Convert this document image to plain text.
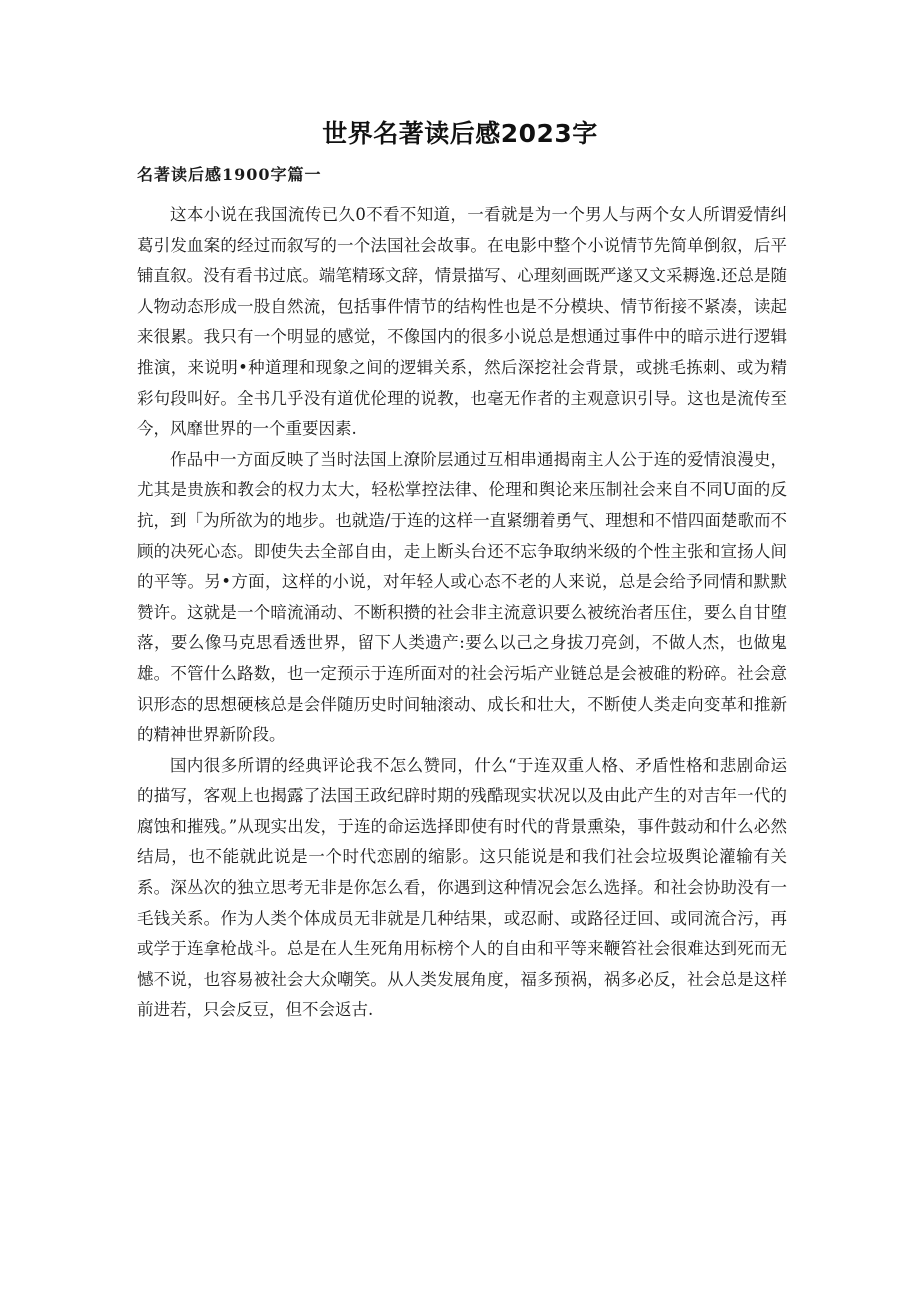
世界名著读后感2023字
名著读后感1900字篇一

这本小说在我国流传已久0不看不知道，一看就是为一个男人与两个女人所谓爱情纠葛引发血案的经过而叙写的一个法国社会故事。在电影中整个小说情节先简单倒叙，后平铺直叙。没有看书过底。端笔精琢文辞，情景描写、心理刻画既严遂又文采耨逸.还总是随人物动态形成一股自然流，包括事件情节的结构性也是不分模块、情节衔接不紧凑，读起来很累。我只有一个明显的感觉，不像国内的很多小说总是想通过事件中的暗示进行逻辑推演，来说明•种道理和现象之间的逻辑关系，然后深挖社会背景，或挑毛拣刺、或为精彩句段叫好。全书几乎没有道优伦理的说教，也毫无作者的主观意识引导。这也是流传至今，风靡世界的一个重要因素.

作品中一方面反映了当时法国上潦阶层通过互相串通揭南主人公于连的爱情浪漫史，尤其是贵族和教会的权力太大，轻松掌控法律、伦理和舆论来压制社会来自不同U面的反抗，到「为所欲为的地步。也就造/于连的这样一直紧绷着勇气、理想和不惜四面楚歌而不顾的决死心态。即使失去全部自由，走上断头台还不忘争取纳米级的个性主张和宣扬人间的平等。另•方面，这样的小说，对年轻人或心态不老的人来说，总是会给予同情和默默赞许。这就是一个暗流涌动、不断积攒的社会非主流意识要么被统治者压住，要么自甘堕落，要么像马克思看透世界，留下人类遗产:要么以己之身拔刀亮剑，不做人杰，也做鬼雄。不管什么路数，也一定预示于连所面对的社会污垢产业链总是会被碓的粉碎。社会意识形态的思想硬核总是会伴随历史时间轴滚动、成长和壮大，不断使人类走向变革和推新的精神世界新阶段。

国内很多所谓的经典评论我不怎么赞同，什么“于连双重人格、矛盾性格和悲剧命运的描写，客观上也揭露了法国王政纪辟时期的残酷现实状况以及由此产生的对吉年一代的腐蚀和摧残。”从现实出发，于连的命运选择即使有时代的背景熏染，事件鼓动和什么必然结局，也不能就此说是一个时代恋剧的缩影。这只能说是和我们社会垃圾舆论灌输有关系。深丛次的独立思考无非是你怎么看，你遇到这种情况会怎么选择。和社会协助没有一毛钱关系。作为人类个体成员无非就是几种结果，或忍耐、或路径迂回、或同流合污，再或学于连拿枪战斗。总是在人生死角用标榜个人的自由和平等来鞭笞社会很难达到死而无憾不说，也容易被社会大众嘲笑。从人类发展角度，福多预祸，祸多必反，社会总是这样前进若，只会反豆，但不会返古.
